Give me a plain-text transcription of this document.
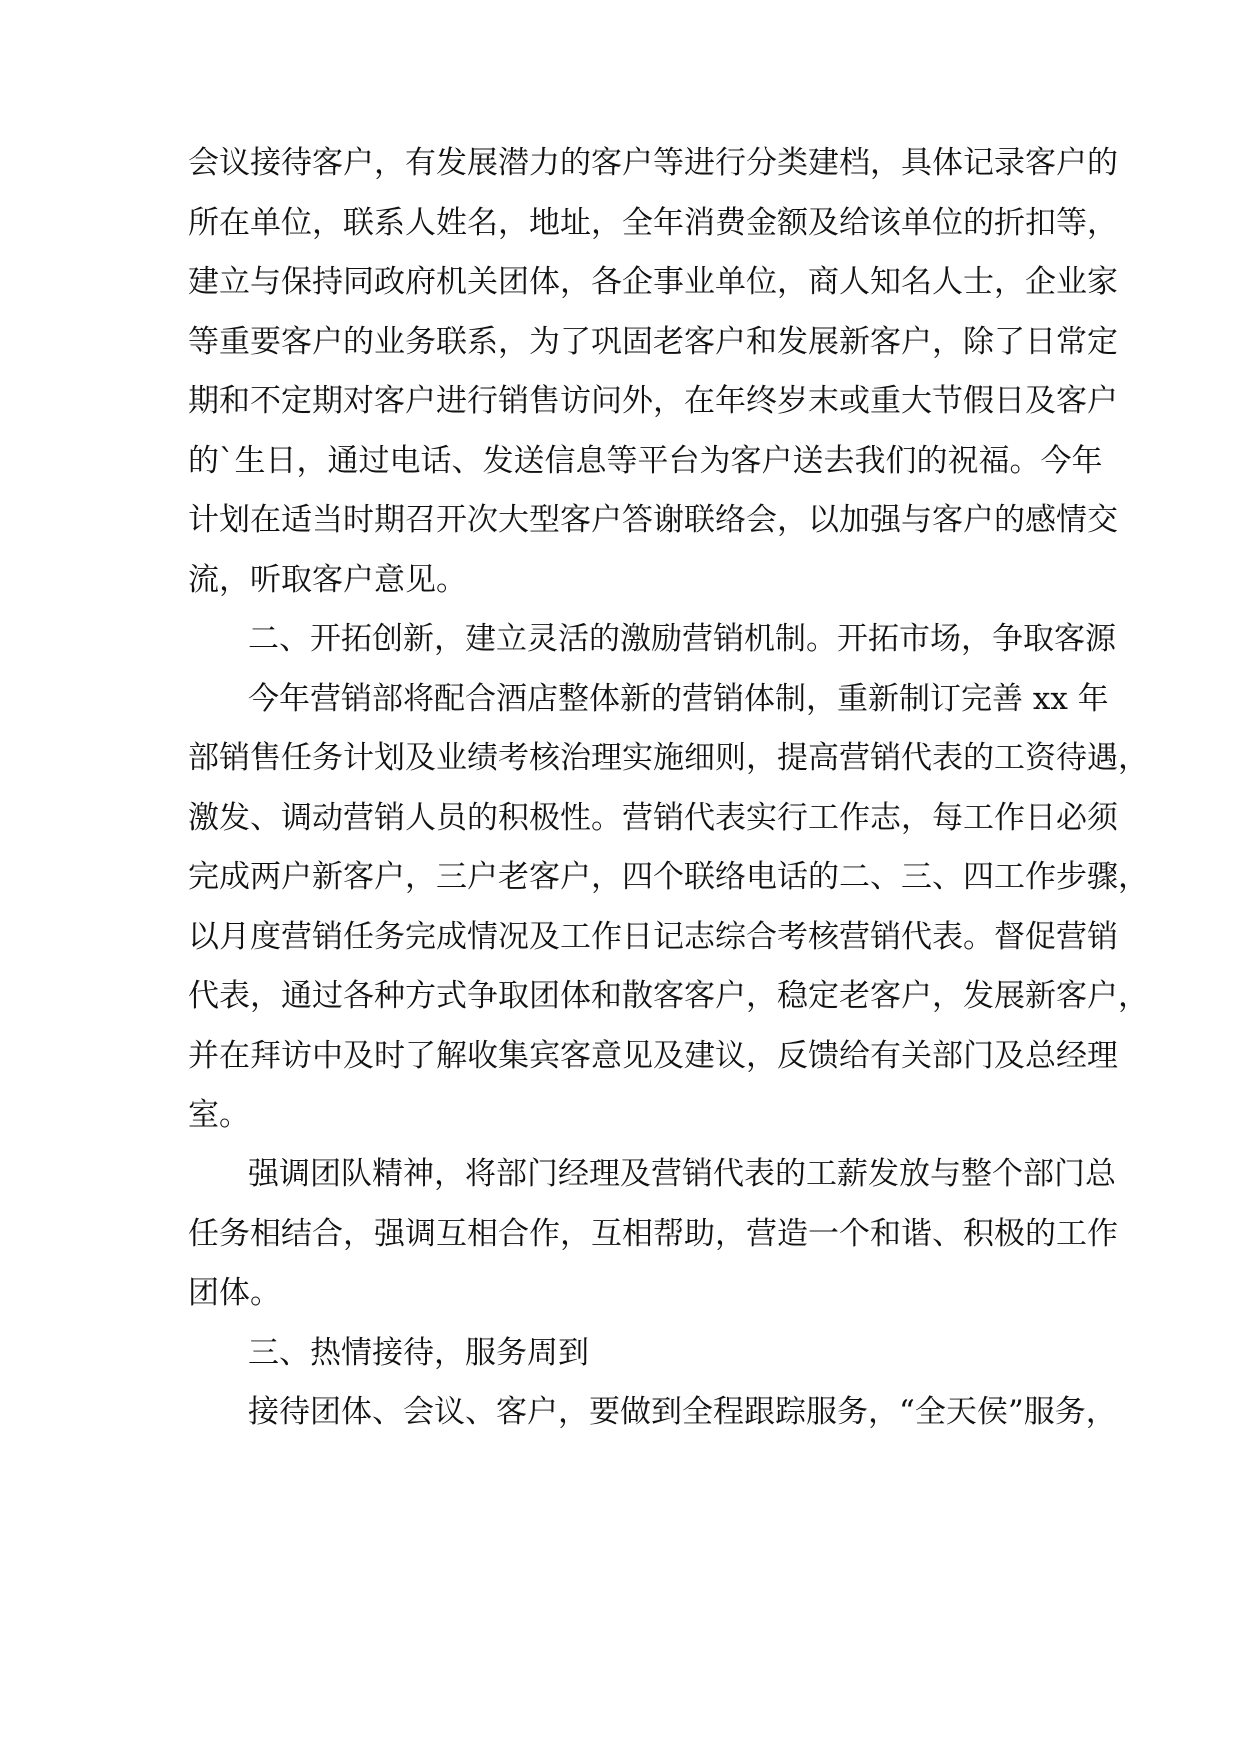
会议接待客户，有发展潜力的客户等进行分类建档，具体记录客户的
所在单位，联系人姓名，地址，全年消费金额及给该单位的折扣等，
建立与保持同政府机关团体，各企事业单位，商人知名人士，企业家
等重要客户的业务联系，为了巩固老客户和发展新客户，除了日常定
期和不定期对客户进行销售访问外，在年终岁末或重大节假日及客户
的`生日，通过电话、发送信息等平台为客户送去我们的祝福。今年
计划在适当时期召开次大型客户答谢联络会，以加强与客户的感情交
流，听取客户意见。
二、开拓创新，建立灵活的激励营销机制。开拓市场，争取客源
今年营销部将配合酒店整体新的营销体制，重新制订完善 xx 年
部销售任务计划及业绩考核治理实施细则，提高营销代表的工资待遇，
激发、调动营销人员的积极性。营销代表实行工作志，每工作日必须
完成两户新客户，三户老客户，四个联络电话的二、三、四工作步骤，
以月度营销任务完成情况及工作日记志综合考核营销代表。督促营销
代表，通过各种方式争取团体和散客客户，稳定老客户，发展新客户，
并在拜访中及时了解收集宾客意见及建议，反馈给有关部门及总经理
室。
强调团队精神，将部门经理及营销代表的工薪发放与整个部门总
任务相结合，强调互相合作，互相帮助，营造一个和谐、积极的工作
团体。
三、热情接待，服务周到
接待团体、会议、客户，要做到全程跟踪服务，“全天侯”服务，
